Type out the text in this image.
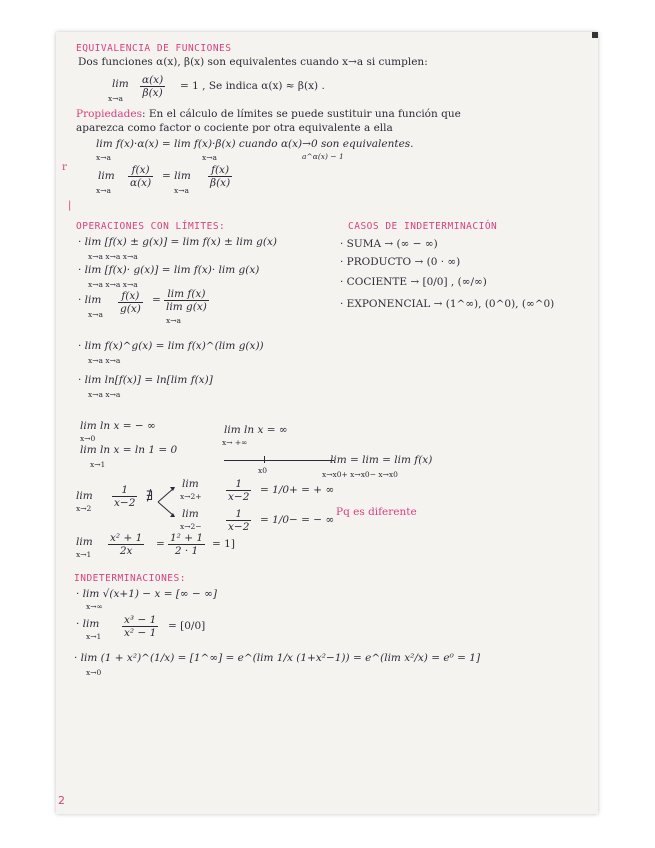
r
|
EQUIVALENCIA DE FUNCIONES
Dos funciones α(x), β(x) son equivalentes cuando x→a si cumplen:
lim
$x\to a \frac{\alpha(x)}{\beta(x)} = 1$ , Se indica α(x) ≈ β(x) .
Propiedades: En el cálculo de límites se puede sustituir una función que
aparezca como factor o cociente por otra equivalente a ella
lim f(x)·α(x) = lim f(x)·β(x) cuando α(x)→0 son equivalentes.
x→a	x→a	a^α(x) − 1
lim
x→a
$\frac{f(x)}{\alpha(x)} = \lim$
x→a
$\frac{f(x)}{\beta(x)}$
OPERACIONES CON LÍMITES:
· lim [f(x) ± g(x)] = lim f(x) ± lim g(x)
x→a x→a x→a
· lim [f(x)· g(x)] = lim f(x)· lim g(x)
x→a x→a x→a
· lim
$x\to a \frac{f(x)}{g(x)} = \frac{\text{lim f(x)}}{\text{lim g(x)}}$
x→a
· lim f(x)^g(x) = lim f(x)^(lim g(x))
x→a x→a
· lim ln[f(x)] = ln[lim f(x)]
x→a x→a
CASOS DE INDETERMINACIÓN
· SUMA → (∞ − ∞)
· PRODUCTO → (0 · ∞)
· COCIENTE → [0/0] , (∞/∞)
· EXPONENCIAL → (1^∞), (0^0), (∞^0)
lim ln x = − ∞
x→0
lim ln x = ∞
x→ +∞
lim ln x = ln 1 = 0
x→1
x0
lim = lim = lim f(x)
x→x0+ x→x0− x→x0
lim
$x\to 2 \frac{1}{x-2}$ ∄
lim
$x\to 2+ \frac{1}{x-2} = 1/0+$ = + ∞
lim
$x\to 2- \frac{1}{x-2} = 1/0-$ = − ∞
Pq es diferente
lim
$x\to 1 \frac{\text{x² + 1}}{2x} = \frac{\text{1² + 1}}{2 \cdot 1} = 1$]
INDETERMINACIONES:
· lim √(x+1) − x = [∞ − ∞]
x→∞
· lim
$x\to 1 \frac{\text{x³ − 1}}{\text{x² − 1}} = [0/0]$
· lim (1 + x²)^(1/x) = [1^∞] = e^(lim 1/x (1+x²−1)) = e^(lim x²/x) = e⁰ = 1]
x→0
2
